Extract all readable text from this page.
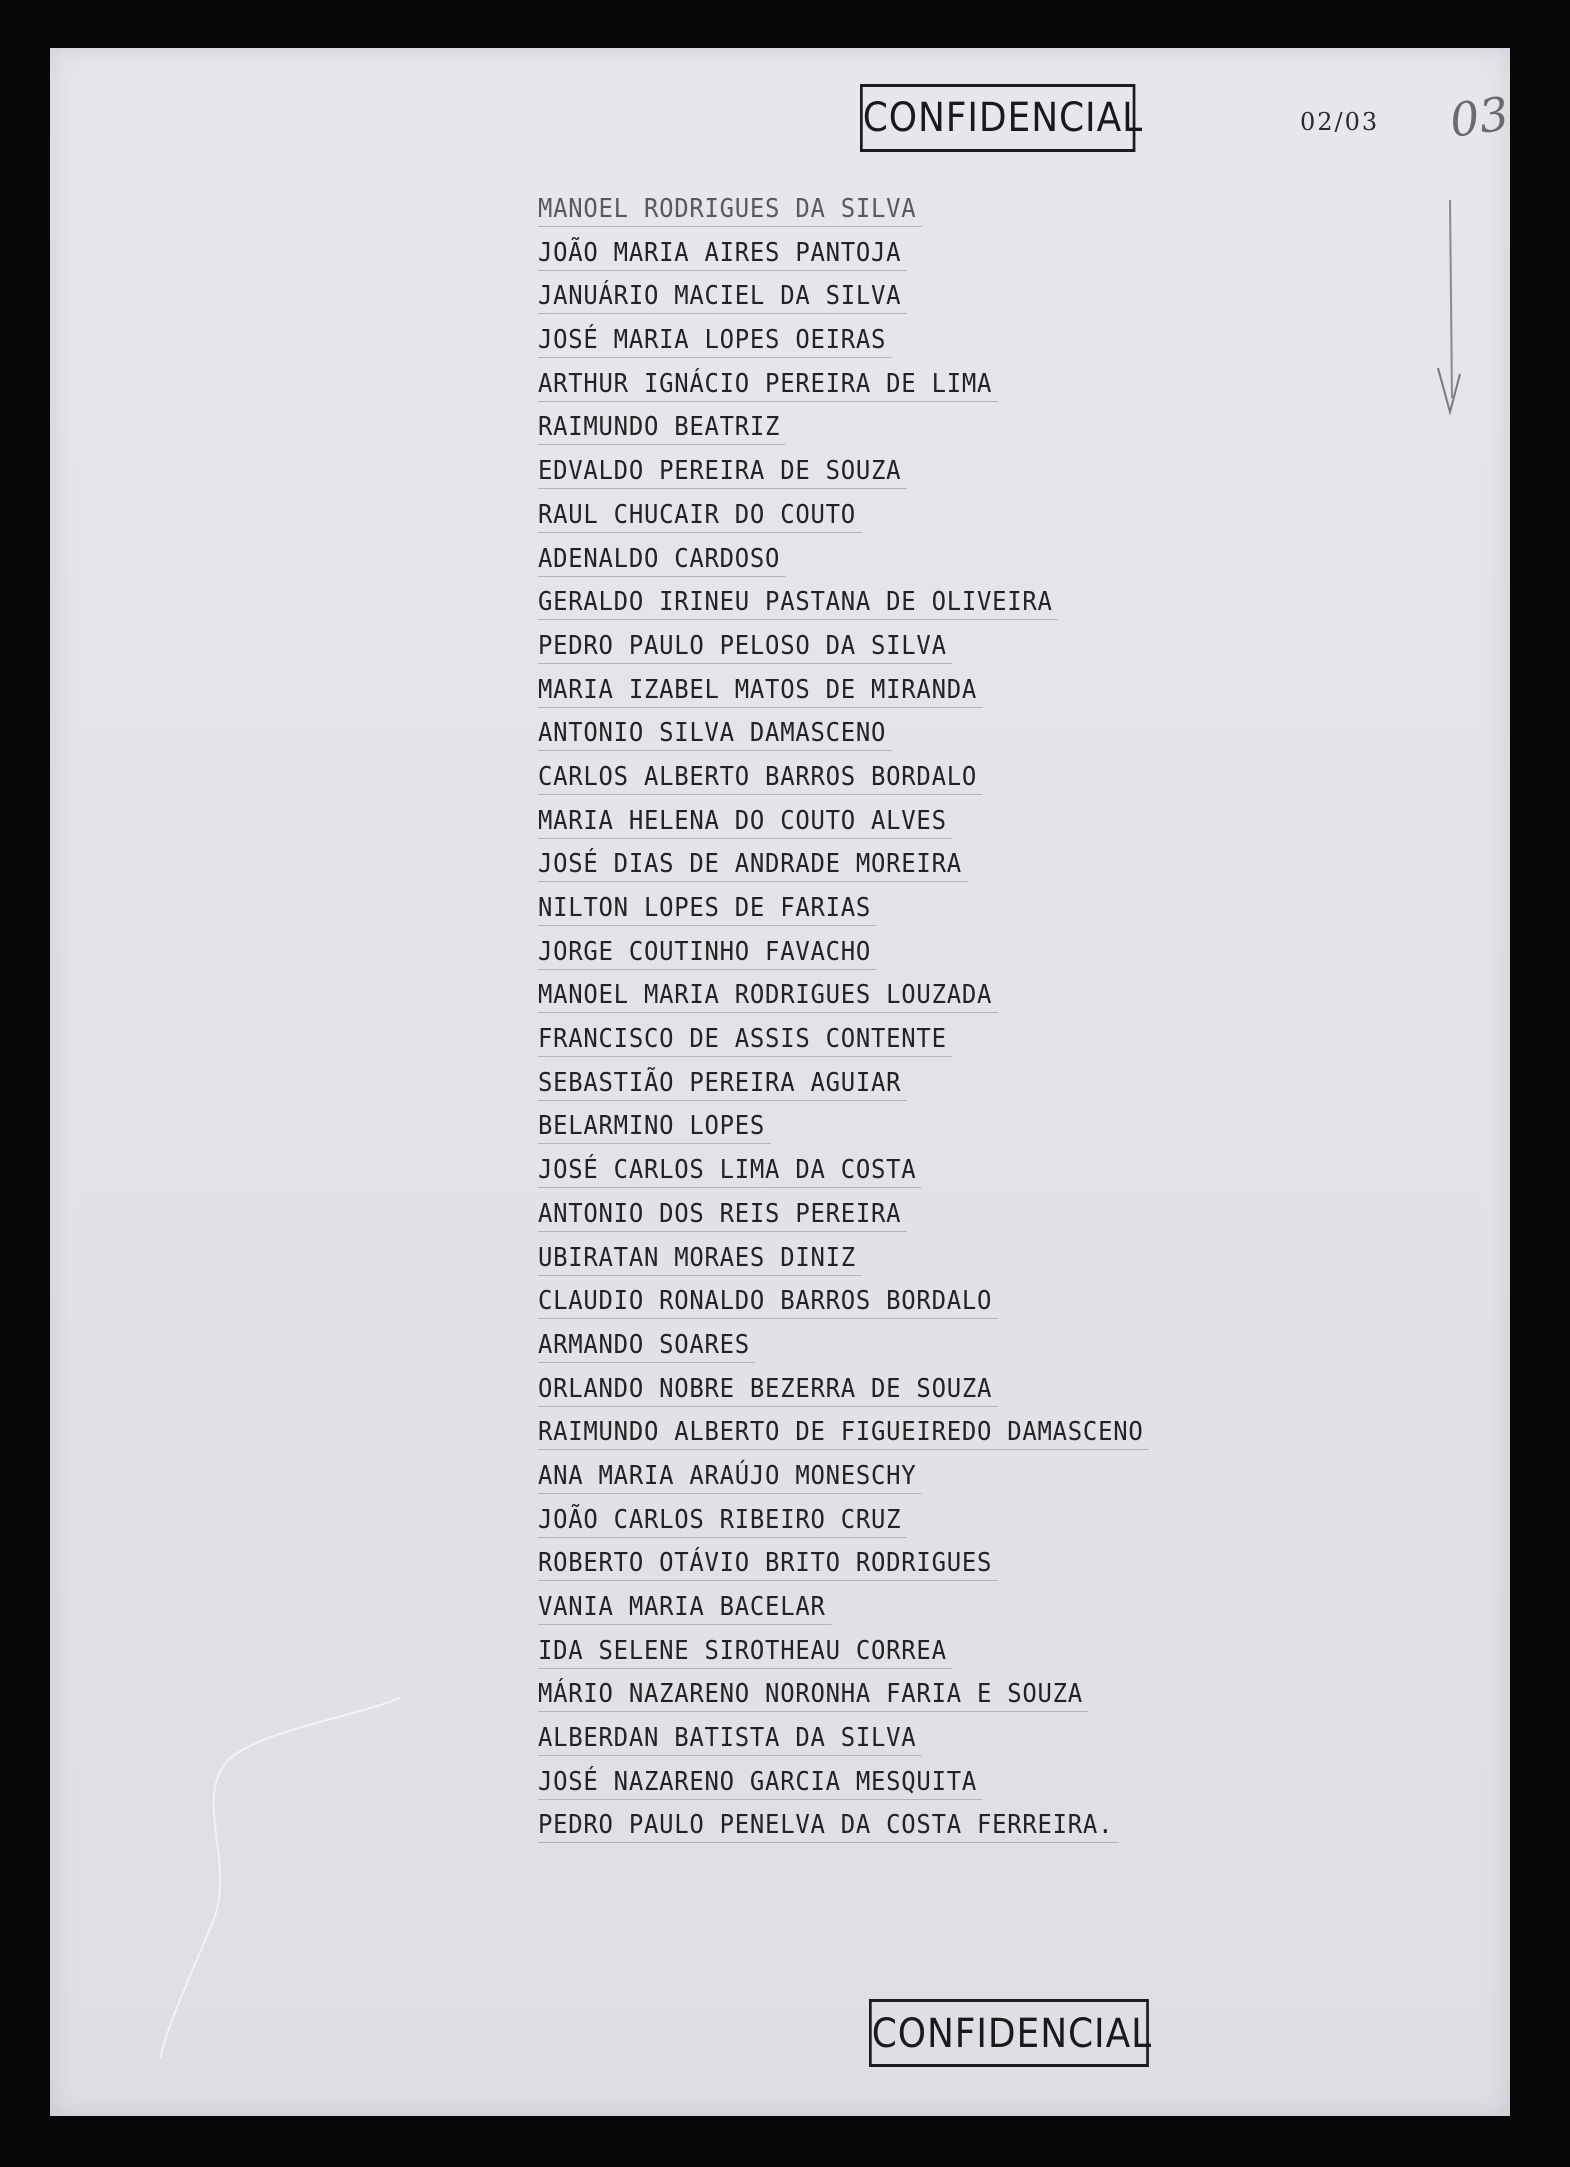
CONFIDENCIAL	02/03 03
MANOEL RODRIGUES DA SILVA
JOÃO MARIA AIRES PANTOJA
JANUÁRIO MACIEL DA SILVA
JOSÉ MARIA LOPES OEIRAS
ARTHUR IGNÁCIO PEREIRA DE LIMA
RAIMUNDO BEATRIZ
EDVALDO PEREIRA DE SOUZA
RAUL CHUCAIR DO COUTO
ADENALDO CARDOSO
GERALDO IRINEU PASTANA DE OLIVEIRA
PEDRO PAULO PELOSO DA SILVA
MARIA IZABEL MATOS DE MIRANDA
ANTONIO SILVA DAMASCENO
CARLOS ALBERTO BARROS BORDALO
MARIA HELENA DO COUTO ALVES
JOSÉ DIAS DE ANDRADE MOREIRA
NILTON LOPES DE FARIAS
JORGE COUTINHO FAVACHO
MANOEL MARIA RODRIGUES LOUZADA
FRANCISCO DE ASSIS CONTENTE
SEBASTIÃO PEREIRA AGUIAR
BELARMINO LOPES
JOSÉ CARLOS LIMA DA COSTA
ANTONIO DOS REIS PEREIRA
UBIRATAN MORAES DINIZ
CLAUDIO RONALDO BARROS BORDALO
ARMANDO SOARES
ORLANDO NOBRE BEZERRA DE SOUZA
RAIMUNDO ALBERTO DE FIGUEIREDO DAMASCENO
ANA MARIA ARAÚJO MONESCHY
JOÃO CARLOS RIBEIRO CRUZ
ROBERTO OTÁVIO BRITO RODRIGUES
VANIA MARIA BACELAR
IDA SELENE SIROTHEAU CORREA
MÁRIO NAZARENO NORONHA FARIA E SOUZA
ALBERDAN BATISTA DA SILVA
JOSÉ NAZARENO GARCIA MESQUITA
PEDRO PAULO PENELVA DA COSTA FERREIRA.
CONFIDENCIAL
